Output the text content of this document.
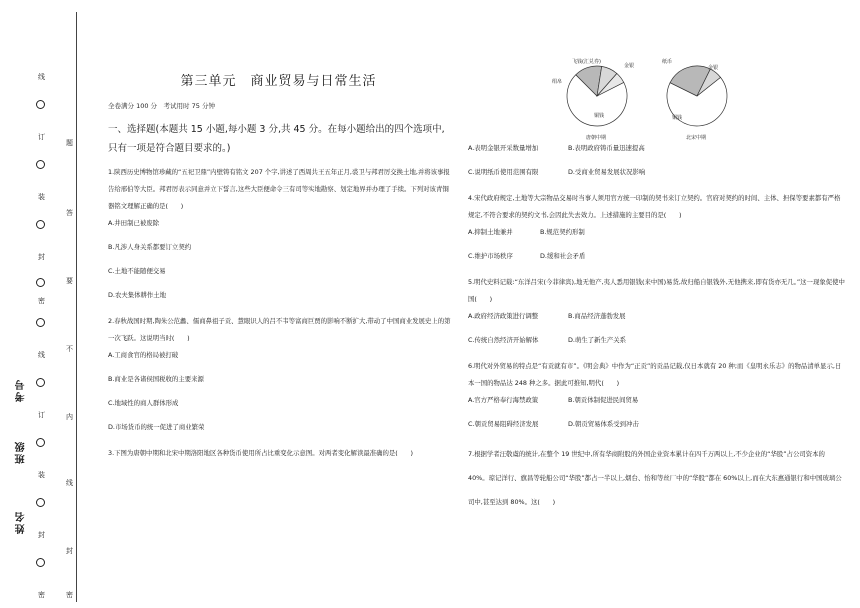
线
订
装
封
密
线
订
装
封
密
题
答
要
不
内
线
封
密
考号
班级
姓名
第三单元　商业贸易与日常生活
全卷满分 100 分　考试用时 75 分钟
一、选择题(本题共 15 小题,每小题 3 分,共 45 分。在每小题给出的四个选项中,只有一项是符合题目要求的。)
1.陕西历史博物馆珍藏的“五祀卫鼎”内壁铸有铭文 207 个字,讲述了西周共王五年正月,裘卫与邦君厉交换土地,并将该事报告给邢伯等大臣。邦君厉表示同意并立下誓言,这些大臣便命令三有司等实地勘察、划定地界并办理了手续。下列对该青铜器铭文理解正确的是(　　)
A.井田制已被废除
B.凡涉人身关系都要订立契约
C.土地不能随便交易
D.农夫集体耕作土地
2.春秋战国时期,陶朱公范蠡、儒商鼻祖子贡、慧眼识人的吕不韦等富商巨贾的影响不断扩大,带动了中国商业发展史上的第一次飞跃。这说明当时(　　)
A.工商食官的格局被打破
B.商业是各诸侯国税收的主要来源
C.地域性的商人群体形成
D.市场货币的统一促进了商业繁荣
3.下图为唐朝中期和北宋中期洛阳地区各种货币使用所占比重变化示意图。对两者变化解读最准确的是(　　)
飞钱(汇兑券)
金银
绢帛
铜钱
唐朝中期
纸币
金银
铜钱
北宋中期
A.表明金银开采数量增加	B.表明政府铸币量迅速提高
C.说明纸币使用范围有限	D.受商业贸易发展状况影响
4.宋代政府规定,土地等大宗物品交易时当事人须用官方统一印制的契书来订立契约。官府对契约的时间、主体、担保等要素都有严格规定,不符合要求的契约文书,会因此失去效力。上述措施的主要目的是(　　)
A.抑制土地兼并	B.规范契约形制
C.维护市场秩序	D.缓和社会矛盾
5.明代史料记载:“东洋吕宋(今菲律宾),地无他产,夷人悉用银钱(来中国)易货,故归船自银钱外,无他携来,即有货亦无几。”这一现象促使中国(　　)
A.政府经济政策进行调整	B.商品经济蓬勃发展
C.传统自然经济开始解体	D.萌生了新生产关系
6.明代对外贸易的特点是“有贡就有市”。《明会典》中作为“正贡”的贡品记载,仅日本就有 20 种;而《皇明永乐志》的物品清单显示,日本一国的物品达 248 种之多。据此可推知,明代(　　)
A.官方严格奉行海禁政策	B.朝贡体制促进民间贸易
C.朝贡贸易阻碍经济发展	D.朝贡贸易体系受到冲击
7.根据学者汪敬虞的统计,在整个 19 世纪中,所有华商附股的外国企业资本累计在四千万两以上,不少企业的“华股”占公司资本的 40%。琼记洋行、旗昌等轮船公司“华股”都占一半以上,烟台、怡和等丝厂中的“华股”都在 60%以上,而在大东惠通银行和中国玻璃公司中,甚至达到 80%。这(　　)
